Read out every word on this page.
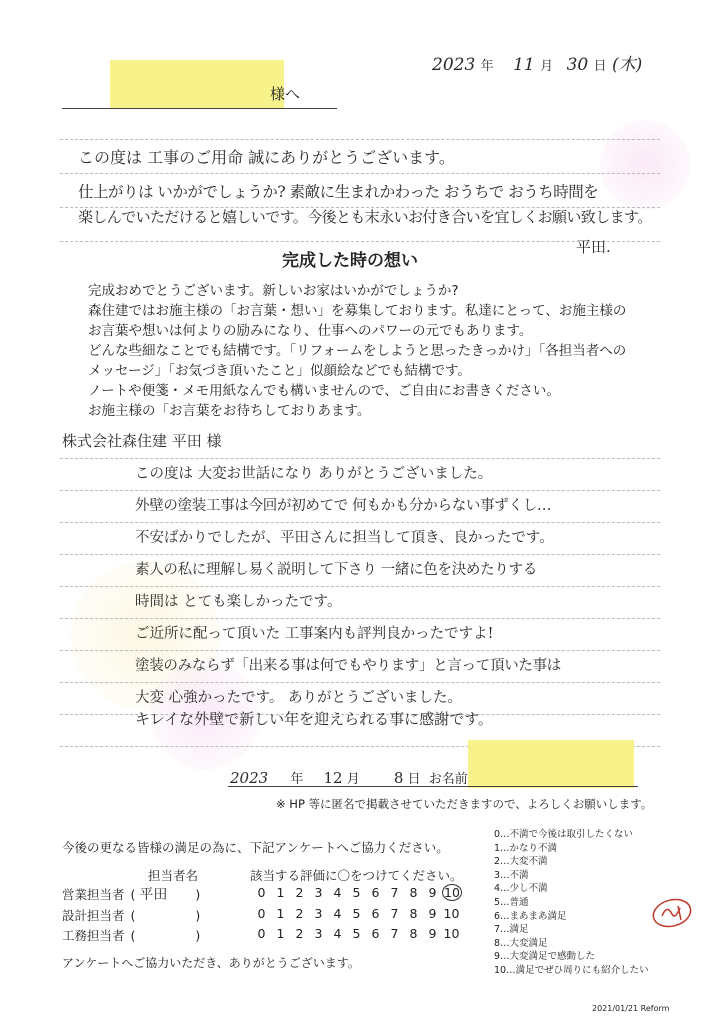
2023 年 11 月 30 日 (木)
様へ
この度は 工事のご用命 誠にありがとうございます。
仕上がりは いかがでしょうか? 素敵に生まれかわった おうちで おうち時間を
楽しんでいただけると嬉しいです。今後とも末永いお付き合いを宜しくお願い致します。
平田.
完成した時の想い
完成おめでとうございます。新しいお家はいかがでしょうか?
森住建ではお施主様の「お言葉・想い」を募集しております。私達にとって、お施主様の
お言葉や想いは何よりの励みになり、仕事へのパワーの元でもあります。
どんな些細なことでも結構です。「リフォームをしようと思ったきっかけ」「各担当者への
メッセージ」「お気づき頂いたこと」似顔絵などでも結構です。
ノートや便箋・メモ用紙なんでも構いませんので、ご自由にお書きください。
お施主様の「お言葉をお待ちしておりあます。
株式会社森住建 平田 様
この度は 大変お世話になり ありがとうございました。
外壁の塗装工事は今回が初めてで 何もかも分からない事ずくし…
不安ばかりでしたが、平田さんに担当して頂き、良かったです。
素人の私に理解し易く説明して下さり 一緒に色を決めたりする
時間は とても楽しかったです。
ご近所に配って頂いた 工事案内も評判良かったですよ!
塗装のみならず「出来る事は何でもやります」と言って頂いた事は
大変 心強かったです。 ありがとうございました。
キレイな外壁で新しい年を迎えられる事に感謝です。
2023 年 12 月 8 日 お名前
※ HP 等に匿名で掲載させていただきますので、よろしくお願いします。
今後の更なる皆様の満足の為に、下記アンケートへご協力ください。
担当者名	該当する評価に〇をつけてください。
営業担当者 ( 平田 )	0 1 2 3 4 5 6 7 8 9 10
設計担当者 (	)	0 1 2 3 4 5 6 7 8 9 10
工務担当者 (	)	0 1 2 3 4 5 6 7 8 9 10
アンケートへご協力いただき、ありがとうございます。
0…不満で今後は取引したくない
1…かなり不満
2…大変不満
3…不満
4…少し不満
5…普通
6…まあまあ満足
7…満足
8…大変満足
9…大変満足で感動した
10…満足でぜひ周りにも紹介したい
2021/01/21 Reform
